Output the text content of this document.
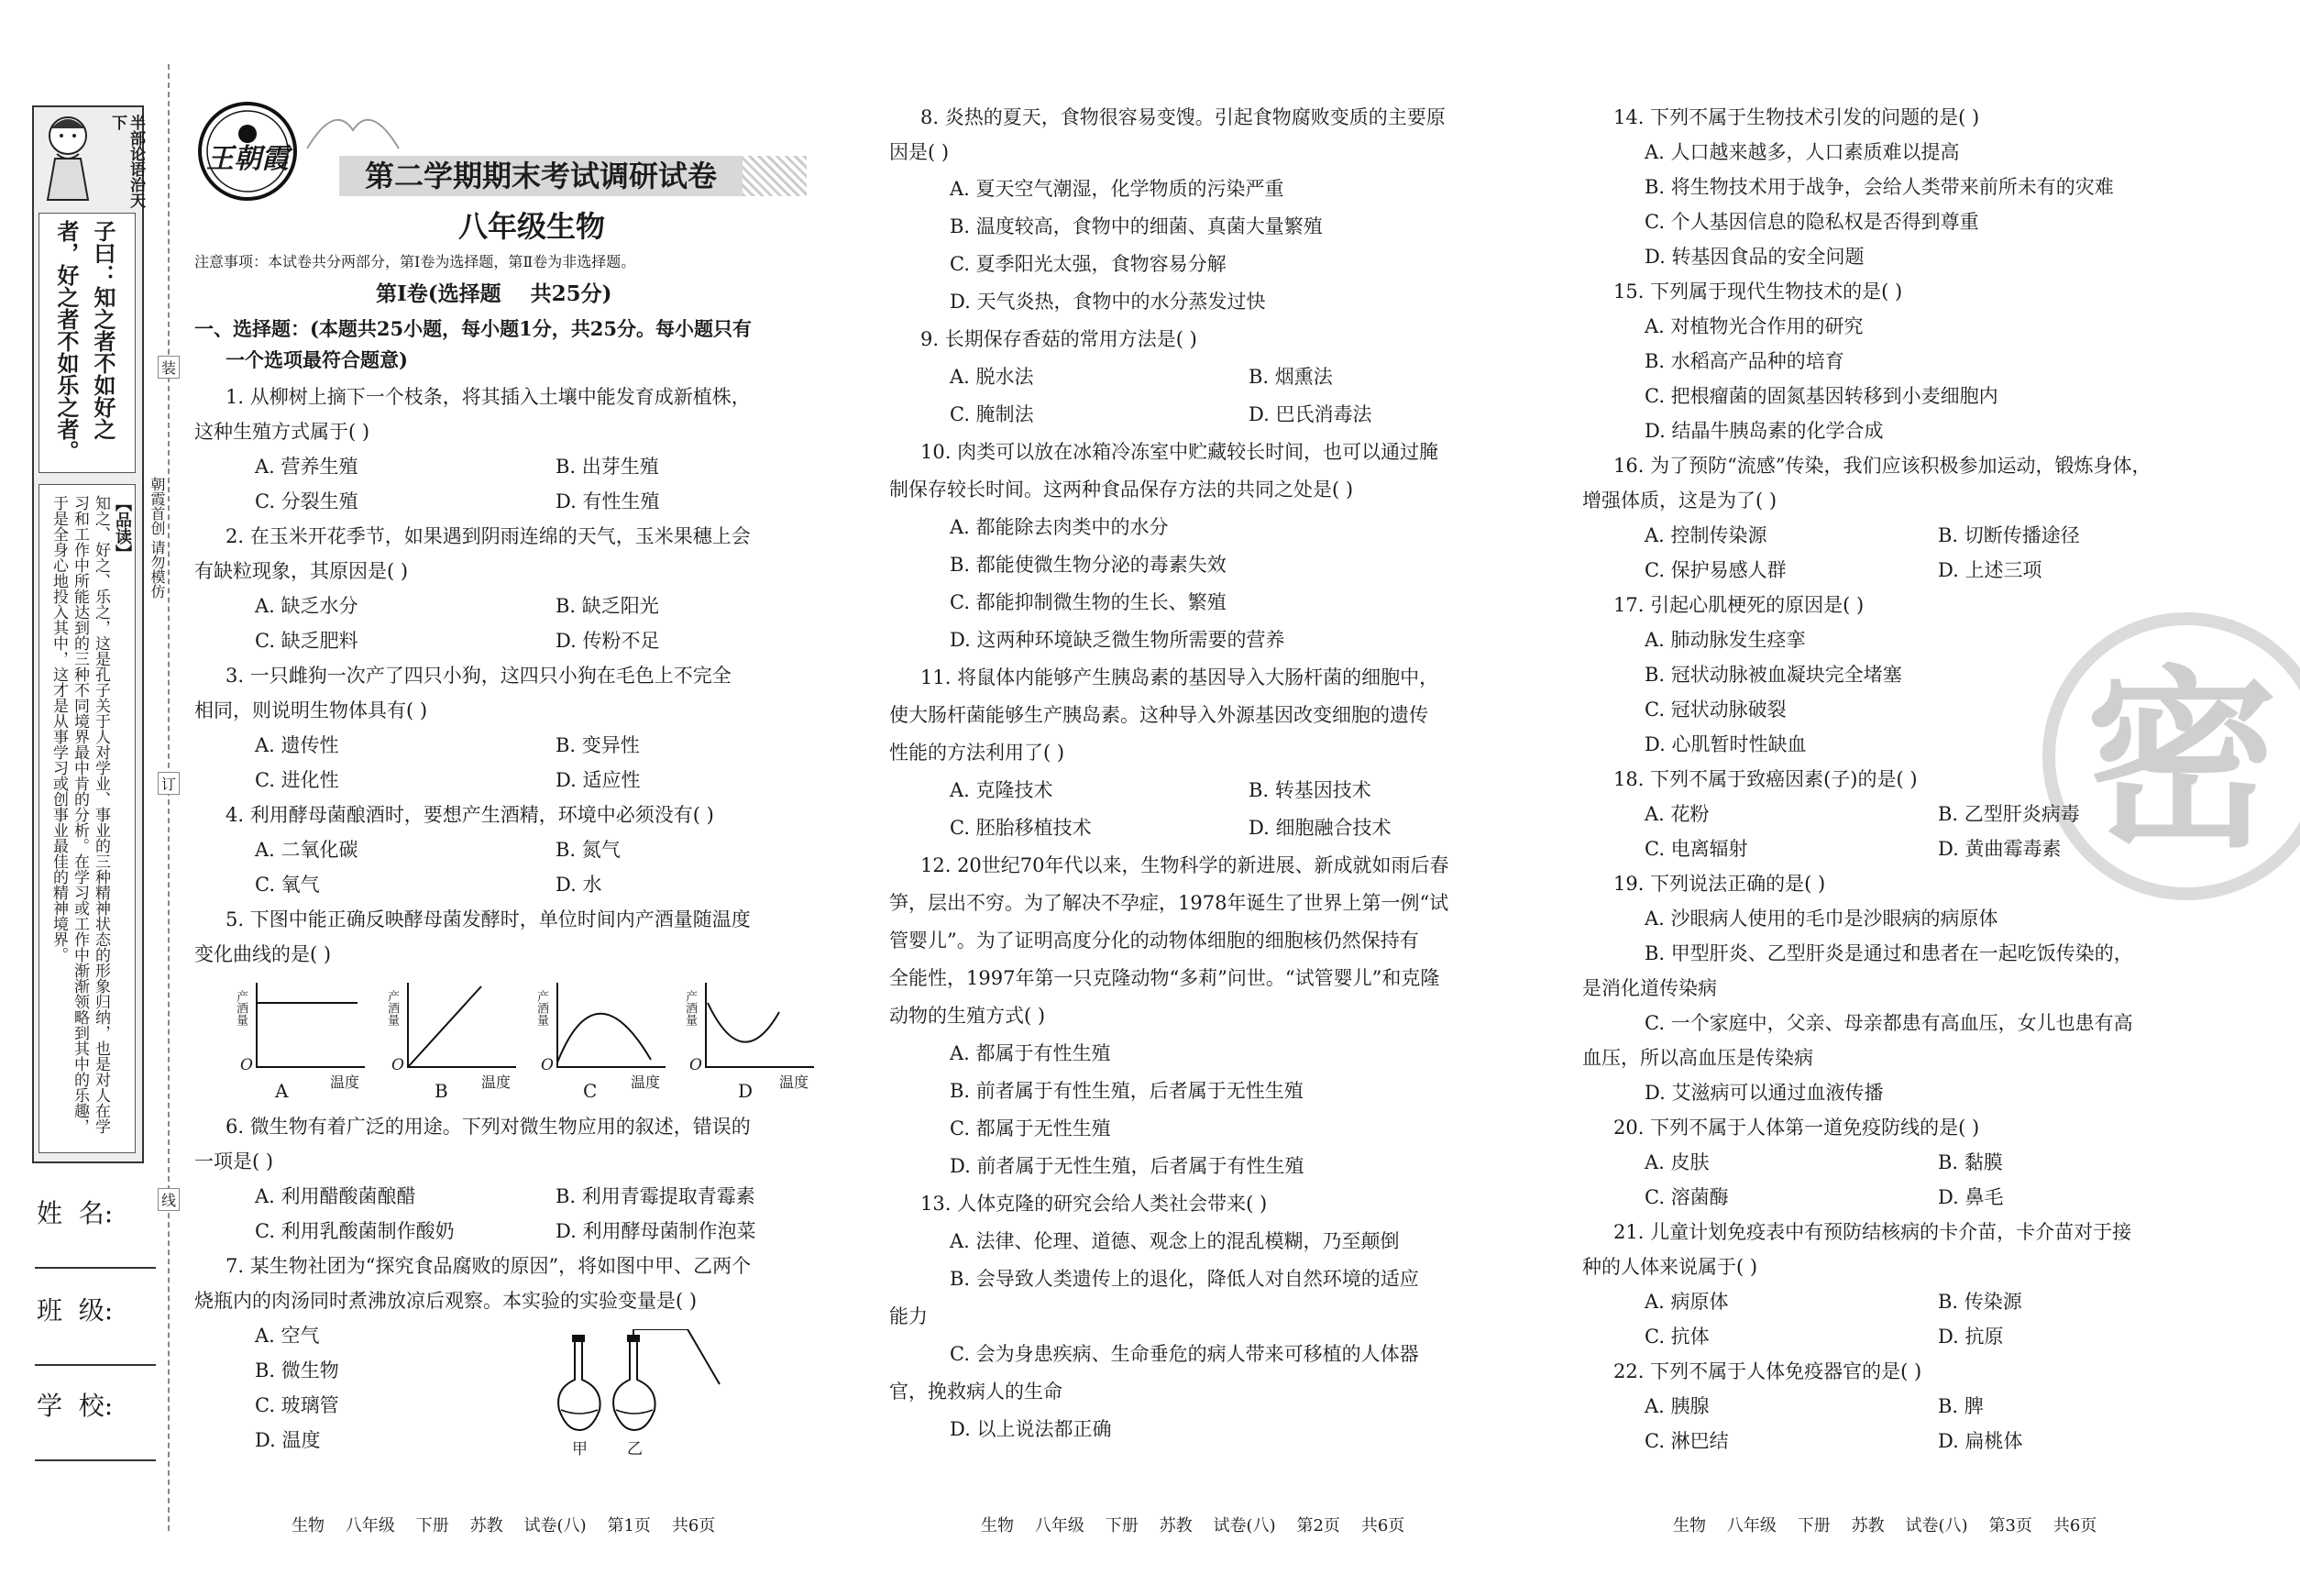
半部论语治天下
子曰：知之者不如好之者，好之者不如乐之者。
【品读】
知之、好之、乐之，这是孔子关于人对学业、事业的三种精神状态的形象归纳，也是对人在学习和工作中所能达到的三种不同境界最中肯的分析。在学习或工作中渐渐领略到其中的乐趣，于是全身心地投入其中，这才是从事学习或创事业最佳的精神境界。
姓  名:
班  级:
学  校:
装
订
线
朝霞首创 请勿模仿
王朝霞	第二学期期末考试调研试卷
八年级生物
注意事项：本试卷共分两部分，第Ⅰ卷为选择题，第Ⅱ卷为非选择题。
第Ⅰ卷(选择题    共25分)
一、选择题：(本题共25小题，每小题1分，共25分。每小题只有
一个选项最符合题意)
1. 从柳树上摘下一个枝条，将其插入土壤中能发育成新植株，
这种生殖方式属于( )
A. 营养生殖	B. 出芽生殖
C. 分裂生殖	D. 有性生殖
2. 在玉米开花季节，如果遇到阴雨连绵的天气，玉米果穗上会
有缺粒现象，其原因是( )
A. 缺乏水分	B. 缺乏阳光
C. 缺乏肥料	D. 传粉不足
3. 一只雌狗一次产了四只小狗，这四只小狗在毛色上不完全
相同，则说明生物体具有( )
A. 遗传性	B. 变异性
C. 进化性	D. 适应性
4. 利用酵母菌酿酒时，要想产生酒精，环境中必须没有( )
A. 二氧化碳	B. 氮气
C. 氧气	D. 水
5. 下图中能正确反映酵母菌发酵时，单位时间内产酒量随温度
变化曲线的是( )
O	O	O	O
产酒量	产酒量	产酒量	产酒量
温度	温度	温度	温度
A	B	C	D
6. 微生物有着广泛的用途。下列对微生物应用的叙述，错误的
一项是( )
A. 利用醋酸菌酿醋	B. 利用青霉提取青霉素
C. 利用乳酸菌制作酸奶	D. 利用酵母菌制作泡菜
7. 某生物社团为“探究食品腐败的原因”，将如图中甲、乙两个
烧瓶内的肉汤同时煮沸放凉后观察。本实验的实验变量是( )
A. 空气
B. 微生物
C. 玻璃管
D. 温度	甲	乙
8. 炎热的夏天，食物很容易变馊。引起食物腐败变质的主要原
因是( )
A. 夏天空气潮湿，化学物质的污染严重
B. 温度较高，食物中的细菌、真菌大量繁殖
C. 夏季阳光太强，食物容易分解
D. 天气炎热，食物中的水分蒸发过快
9. 长期保存香菇的常用方法是( )
A. 脱水法	B. 烟熏法
C. 腌制法	D. 巴氏消毒法
10. 肉类可以放在冰箱冷冻室中贮藏较长时间，也可以通过腌
制保存较长时间。这两种食品保存方法的共同之处是( )
A. 都能除去肉类中的水分
B. 都能使微生物分泌的毒素失效
C. 都能抑制微生物的生长、繁殖
D. 这两种环境缺乏微生物所需要的营养
11. 将鼠体内能够产生胰岛素的基因导入大肠杆菌的细胞中，
使大肠杆菌能够生产胰岛素。这种导入外源基因改变细胞的遗传
性能的方法利用了( )
A. 克隆技术	B. 转基因技术
C. 胚胎移植技术	D. 细胞融合技术
12. 20世纪70年代以来，生物科学的新进展、新成就如雨后春
笋，层出不穷。为了解决不孕症，1978年诞生了世界上第一例“试
管婴儿”。为了证明高度分化的动物体细胞的细胞核仍然保持有
全能性，1997年第一只克隆动物“多莉”问世。“试管婴儿”和克隆
动物的生殖方式( )
A. 都属于有性生殖
B. 前者属于有性生殖，后者属于无性生殖
C. 都属于无性生殖
D. 前者属于无性生殖，后者属于有性生殖
13. 人体克隆的研究会给人类社会带来( )
A. 法律、伦理、道德、观念上的混乱模糊，乃至颠倒
B. 会导致人类遗传上的退化，降低人对自然环境的适应
能力
C. 会为身患疾病、生命垂危的病人带来可移植的人体器
官，挽救病人的生命
D. 以上说法都正确
密
14. 下列不属于生物技术引发的问题的是( )
A. 人口越来越多，人口素质难以提高
B. 将生物技术用于战争，会给人类带来前所未有的灾难
C. 个人基因信息的隐私权是否得到尊重
D. 转基因食品的安全问题
15. 下列属于现代生物技术的是( )
A. 对植物光合作用的研究
B. 水稻高产品种的培育
C. 把根瘤菌的固氮基因转移到小麦细胞内
D. 结晶牛胰岛素的化学合成
16. 为了预防“流感”传染，我们应该积极参加运动，锻炼身体，
增强体质，这是为了( )
A. 控制传染源	B. 切断传播途径
C. 保护易感人群	D. 上述三项
17. 引起心肌梗死的原因是( )
A. 肺动脉发生痉挛
B. 冠状动脉被血凝块完全堵塞
C. 冠状动脉破裂
D. 心肌暂时性缺血
18. 下列不属于致癌因素(子)的是( )
A. 花粉	B. 乙型肝炎病毒
C. 电离辐射	D. 黄曲霉毒素
19. 下列说法正确的是( )
A. 沙眼病人使用的毛巾是沙眼病的病原体
B. 甲型肝炎、乙型肝炎是通过和患者在一起吃饭传染的，
是消化道传染病
C. 一个家庭中，父亲、母亲都患有高血压，女儿也患有高
血压，所以高血压是传染病
D. 艾滋病可以通过血液传播
20. 下列不属于人体第一道免疫防线的是( )
A. 皮肤	B. 黏膜
C. 溶菌酶	D. 鼻毛
21. 儿童计划免疫表中有预防结核病的卡介苗，卡介苗对于接
种的人体来说属于( )
A. 病原体	B. 传染源
C. 抗体	D. 抗原
22. 下列不属于人体免疫器官的是( )
A. 胰腺	B. 脾
C. 淋巴结	D. 扁桃体
生物    八年级    下册    苏教    试卷(八)    第1页    共6页	生物    八年级    下册    苏教    试卷(八)    第2页    共6页	生物    八年级    下册    苏教    试卷(八)    第3页    共6页
